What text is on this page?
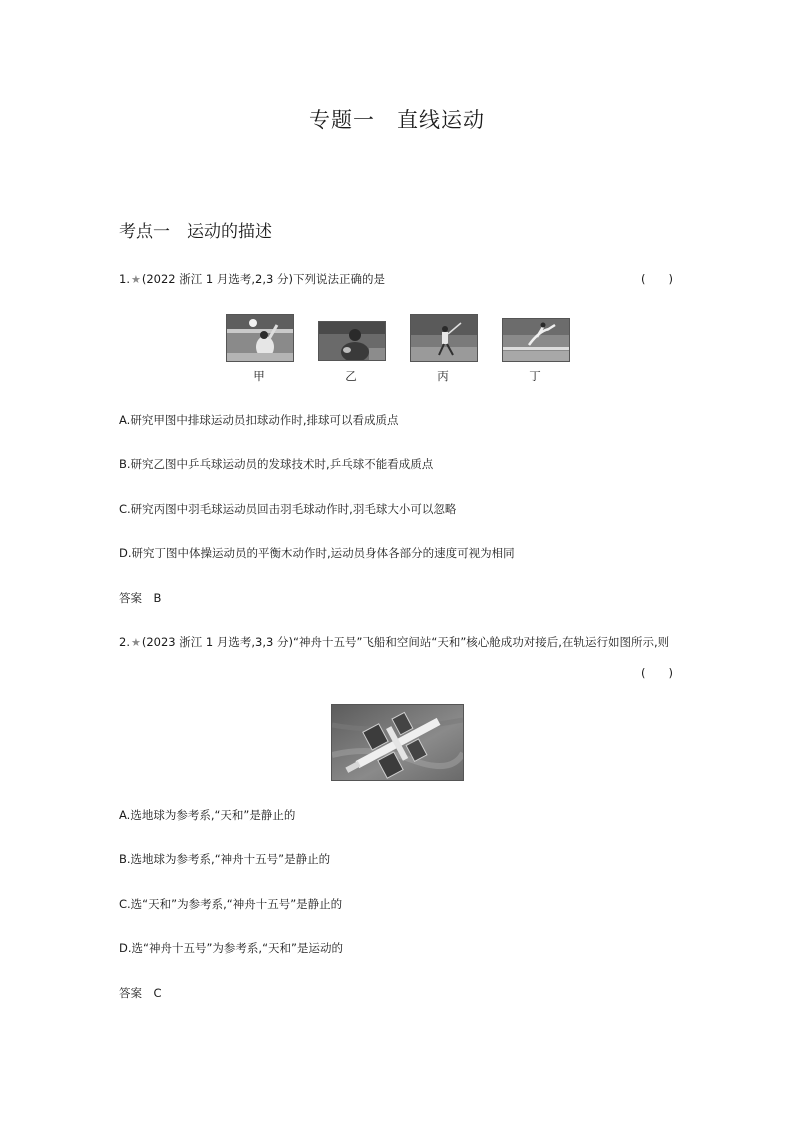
专题一　直线运动
考点一　运动的描述
1.★(2022 浙江 1 月选考,2,3 分)下列说法正确的是	(　　)
甲	乙	丙	丁
A.研究甲图中排球运动员扣球动作时,排球可以看成质点
B.研究乙图中乒乓球运动员的发球技术时,乒乓球不能看成质点
C.研究丙图中羽毛球运动员回击羽毛球动作时,羽毛球大小可以忽略
D.研究丁图中体操运动员的平衡木动作时,运动员身体各部分的速度可视为相同
答案　B
2.★(2023 浙江 1 月选考,3,3 分)“神舟十五号”飞船和空间站“天和”核心舱成功对接后,在轨运行如图所示,则
(　　)
A.选地球为参考系,“天和”是静止的
B.选地球为参考系,“神舟十五号”是静止的
C.选“天和”为参考系,“神舟十五号”是静止的
D.选“神舟十五号”为参考系,“天和”是运动的
答案　C
